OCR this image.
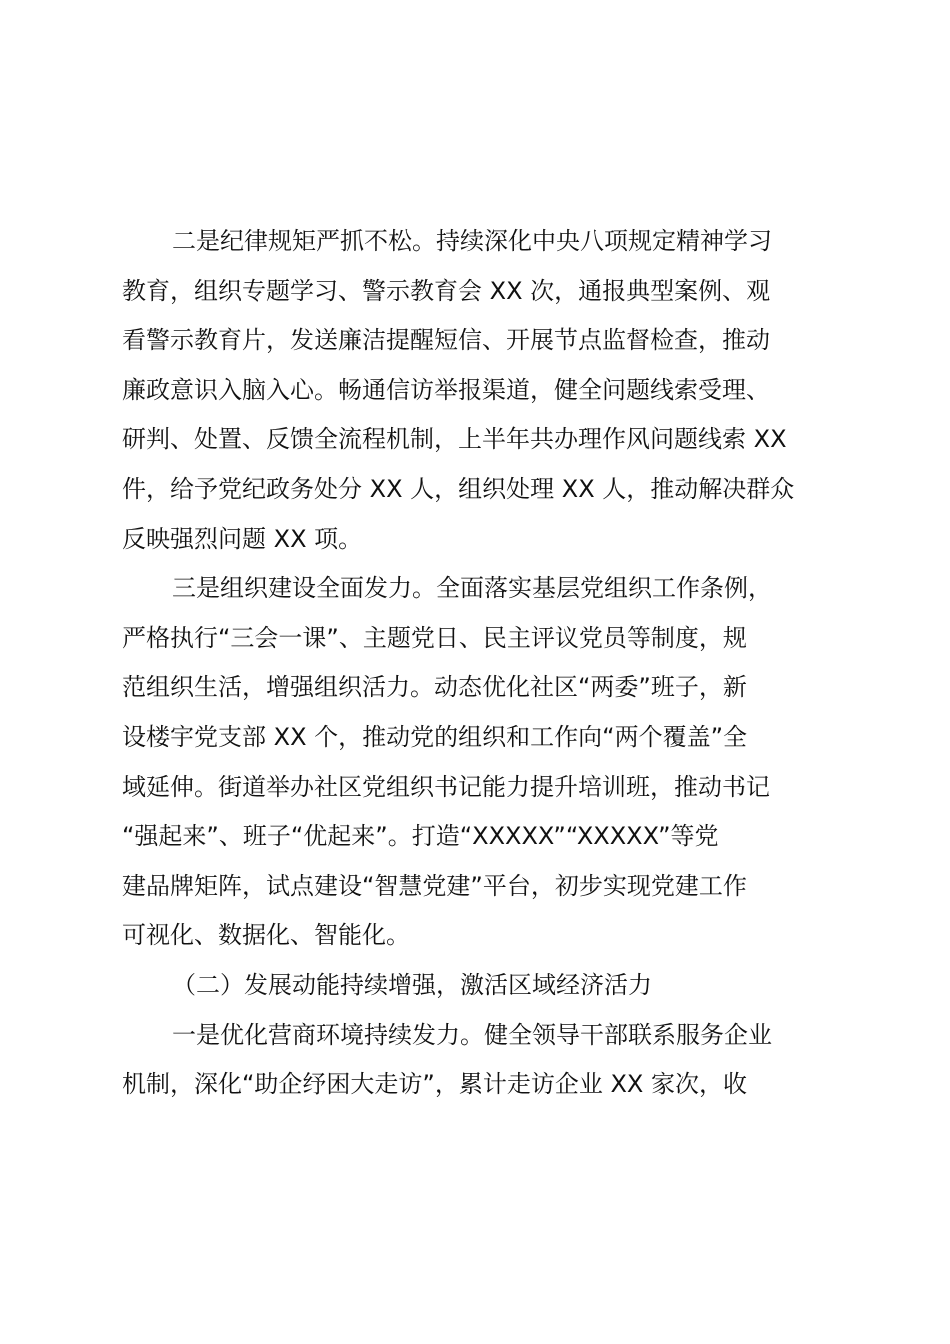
二是纪律规矩严抓不松。持续深化中央八项规定精神学习
教育，组织专题学习、警示教育会 XX 次，通报典型案例、观
看警示教育片，发送廉洁提醒短信、开展节点监督检查，推动
廉政意识入脑入心。畅通信访举报渠道，健全问题线索受理、
研判、处置、反馈全流程机制，上半年共办理作风问题线索 XX
件，给予党纪政务处分 XX 人，组织处理 XX 人，推动解决群众
反映强烈问题 XX 项。
三是组织建设全面发力。全面落实基层党组织工作条例，
严格执行“三会一课”、主题党日、民主评议党员等制度，规
范组织生活，增强组织活力。动态优化社区“两委”班子，新
设楼宇党支部 XX 个，推动党的组织和工作向“两个覆盖”全
域延伸。街道举办社区党组织书记能力提升培训班，推动书记
“强起来”、班子“优起来”。打造“XXXXX”“XXXXX”等党
建品牌矩阵，试点建设“智慧党建”平台，初步实现党建工作
可视化、数据化、智能化。
（二）发展动能持续增强，激活区域经济活力
一是优化营商环境持续发力。健全领导干部联系服务企业
机制，深化“助企纾困大走访”，累计走访企业 XX 家次，收
